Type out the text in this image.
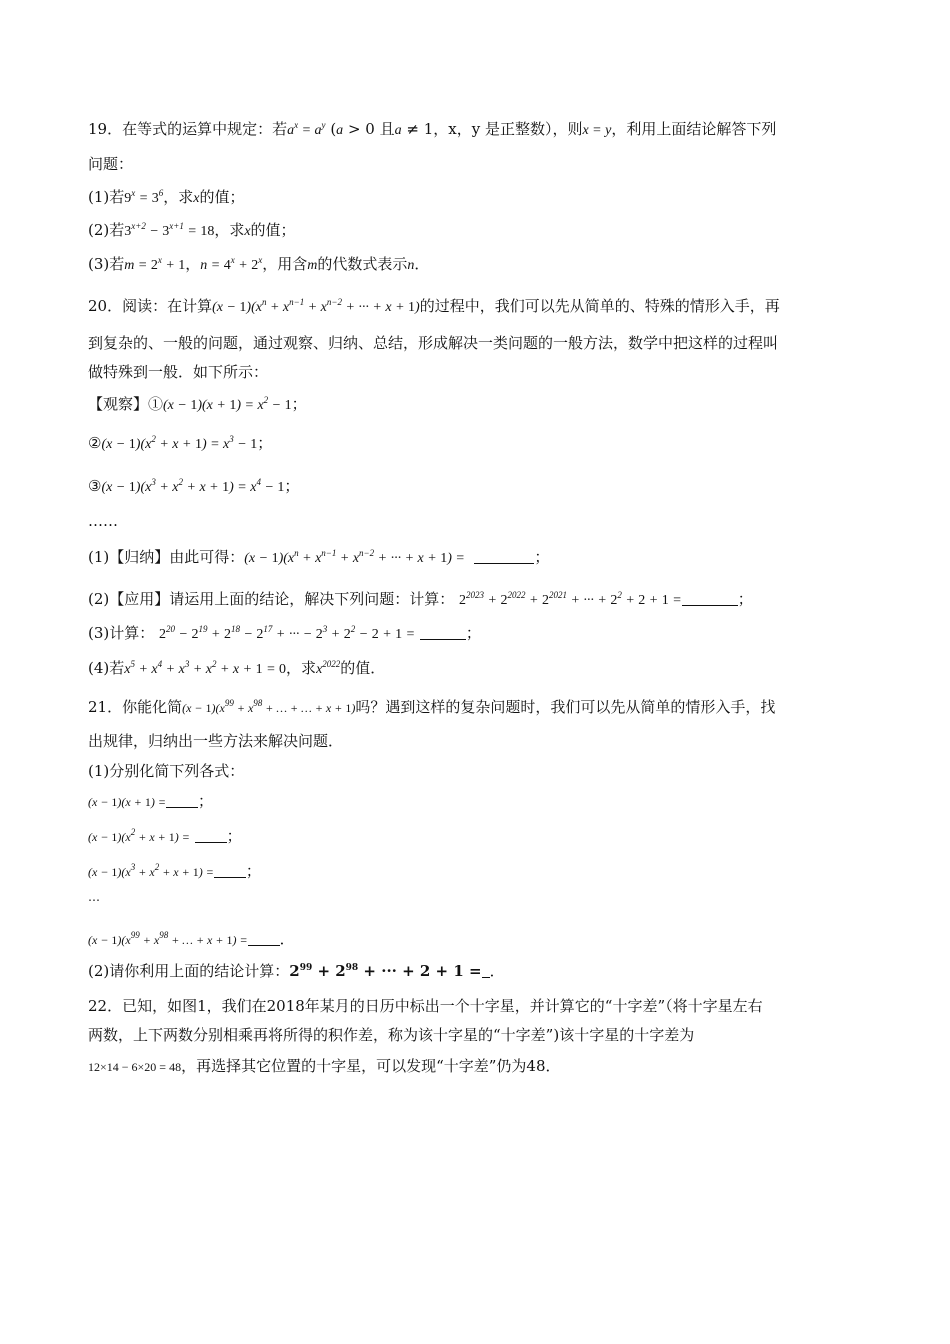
19．在等式的运算中规定：若$a^x = a^y$ (a > 0 且a ≠ 1，x，y 是正整数），则x = y，利用上面结论解答下列
问题：
(1)若$9^x = 3^6$，求x的值；
(2)若$3^{x+2} - 3^{x+1} = 18$，求x的值；
(3)若$m = 2^x + 1$，$n = 4^x + 2^x$，用含m的代数式表示n．
20．阅读：在计算$(x - 1)(x^n + x^{n-1} + x^{n-2}$ + ··· + x + 1)的过程中，我们可以先从简单的、特殊的情形入手，再
到复杂的、一般的问题，通过观察、归纳、总结，形成解决一类问题的一般方法，数学中把这样的过程叫
做特殊到一般．如下所示：
【观察】①(x − $1)(x + 1) = x^2 - 1$；
②(x − $1)(x^2 + x + 1) = x^3 - 1$；
③(x − $1)(x^3 + x^2 + x + 1) = x^4 - 1$；
……
(1)【归纳】由此可得：$(x - 1)(x^n + x^{n-1} + x^{n-2}$ + ··· + x + 1) =	；
(2)【应用】请运用上面的结论，解决下列问题：计算： $2^{2023} + 2^{2022} + 2^{2021}$ + ··· + $2^2 + 2 + 1$ =	；
(3)计算： $2^{20} - 2^{19} + 2^{18} - 2^{17}$ + ··· − $2^3 + 2^2 - 2 + 1$ =	；
(4)若$x^5 + x^4 + x^3 + x^2 + x + 1 = 0$，求$x^{2022}$的值．
21．你能化简$(x - 1)(x^{99} + x^{98}$ + … + … + x + 1)吗？遇到这样的复杂问题时，我们可以先从简单的情形入手，找
出规律，归纳出一些方法来解决问题．
(1)分别化简下列各式：
(x − 1)(x + 1) = ；
$(x - 1)(x^2 + x + 1)$ = ；
$(x - 1)(x^3 + x^2 + x + 1)$ = ；
…
$(x - 1)(x^{99} + x^{98}$ + … + x + 1) = ．
(2)请你利用上面的结论计算：$2^{99} + 2^{98}$ + ··· + 2 + 1 = ．
22．已知，如图1，我们在2018年某月的日历中标出一个十字星，并计算它的“十字差”（将十字星左右
两数，上下两数分别相乘再将所得的积作差，称为该十字星的“十字差”)该十字星的十字差为
12×14 − 6×20 = 48，再选择其它位置的十字星，可以发现“十字差”仍为48．
